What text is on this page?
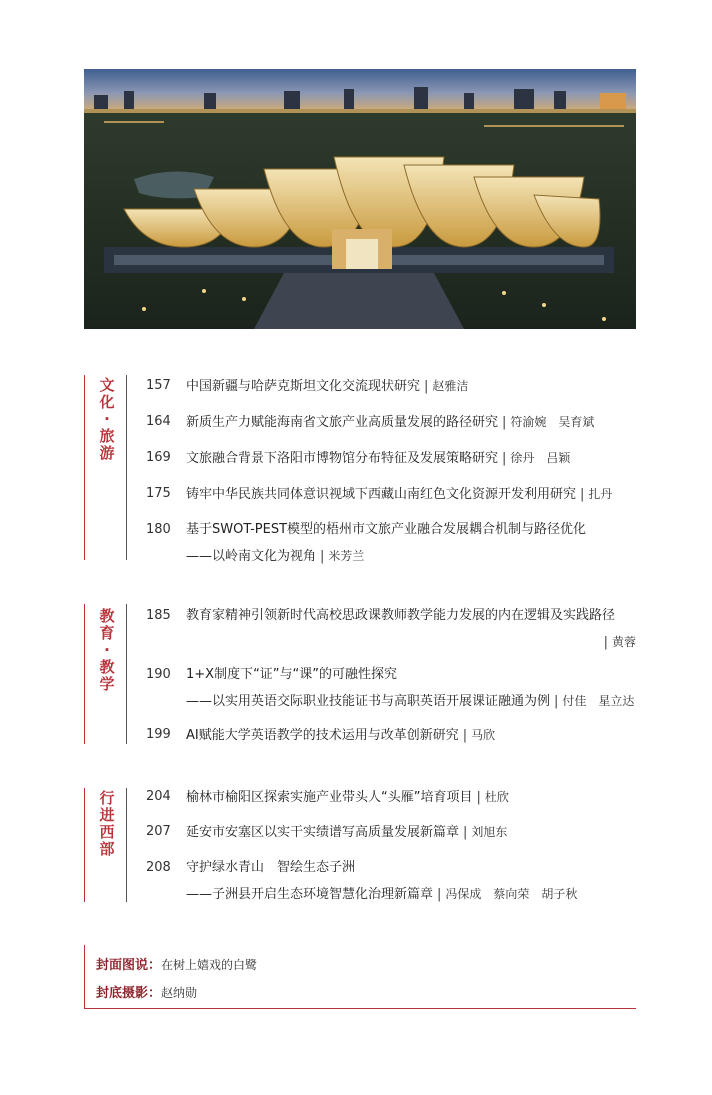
文
化
·
旅
游
157	中国新疆与哈萨克斯坦文化交流现状研究 | 赵雅洁
164	新质生产力赋能海南省文旅产业高质量发展的路径研究 | 符渝婉　吴育斌
169	文旅融合背景下洛阳市博物馆分布特征及发展策略研究 | 徐丹　吕颖
175	铸牢中华民族共同体意识视域下西藏山南红色文化资源开发利用研究 | 扎丹
180	基于SWOT-PEST模型的梧州市文旅产业融合发展耦合机制与路径优化
——以岭南文化为视角 | 米芳兰
教
育
·
教
学
185	教育家精神引领新时代高校思政课教师教学能力发展的内在逻辑及实践路径
| 黄蓉
190	1+X制度下“证”与“课”的可融性探究
——以实用英语交际职业技能证书与高职英语开展课证融通为例 | 付佳　星立达
199	AI赋能大学英语教学的技术运用与改革创新研究 | 马欣
行
进
西
部
204	榆林市榆阳区探索实施产业带头人“头雁”培育项目 | 杜欣
207	延安市安塞区以实干实绩谱写高质量发展新篇章 | 刘旭东
208	守护绿水青山　智绘生态子洲
——子洲县开启生态环境智慧化治理新篇章 | 冯保成　蔡向荣　胡子秋
封面图说：在树上嬉戏的白鹭
封底摄影：赵纳勋
